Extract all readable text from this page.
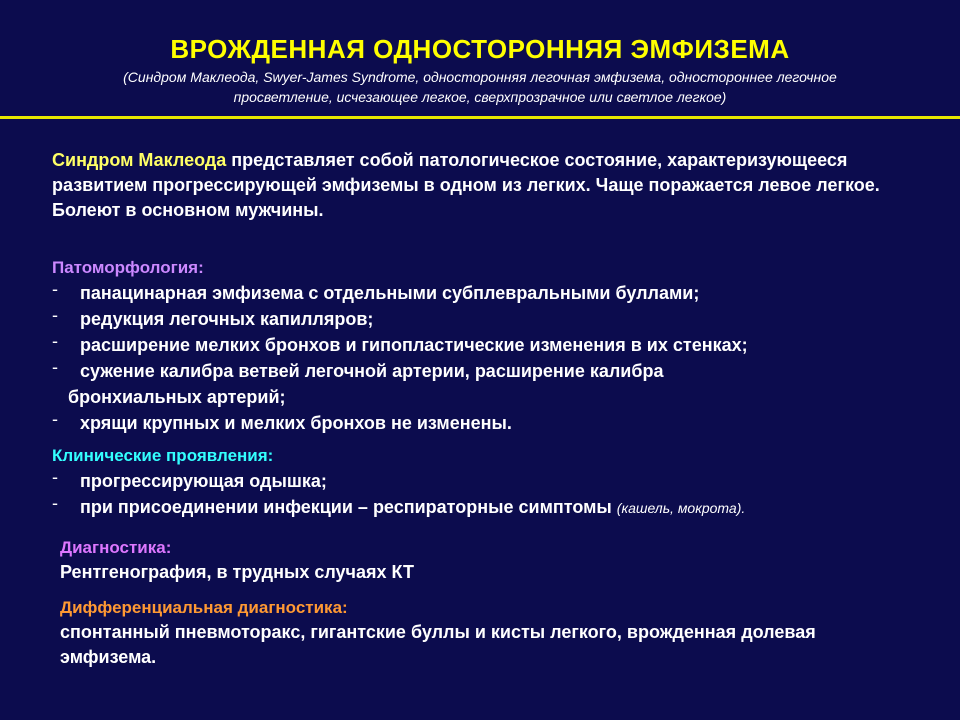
ВРОЖДЕННАЯ ОДНОСТОРОННЯЯ ЭМФИЗЕМА
(Синдром Маклеода, Swyer-James Syndrome, односторонняя легочная эмфизема, одностороннее легочное просветление, исчезающее легкое, сверхпрозрачное или светлое легкое)
Синдром Маклеода представляет собой патологическое состояние, характеризующееся развитием прогрессирующей эмфиземы в одном из легких. Чаще поражается левое легкое. Болеют в основном мужчины.
Патоморфология:
- панацинарная эмфизема с отдельными субплевральными буллами;
- редукция легочных капилляров;
- расширение мелких бронхов и гипопластические изменения в их стенках;
- сужение калибра ветвей легочной артерии, расширение калибра
бронхиальных артерий;
- хрящи крупных и мелких бронхов не изменены.
Клинические проявления:
- прогрессирующая одышка;
- при присоединении инфекции – респираторные симптомы (кашель, мокрота).
Диагностика:
Рентгенография, в трудных случаях КТ
Дифференциальная диагностика:
спонтанный пневмоторакс, гигантские буллы и кисты легкого, врожденная долевая эмфизема.
